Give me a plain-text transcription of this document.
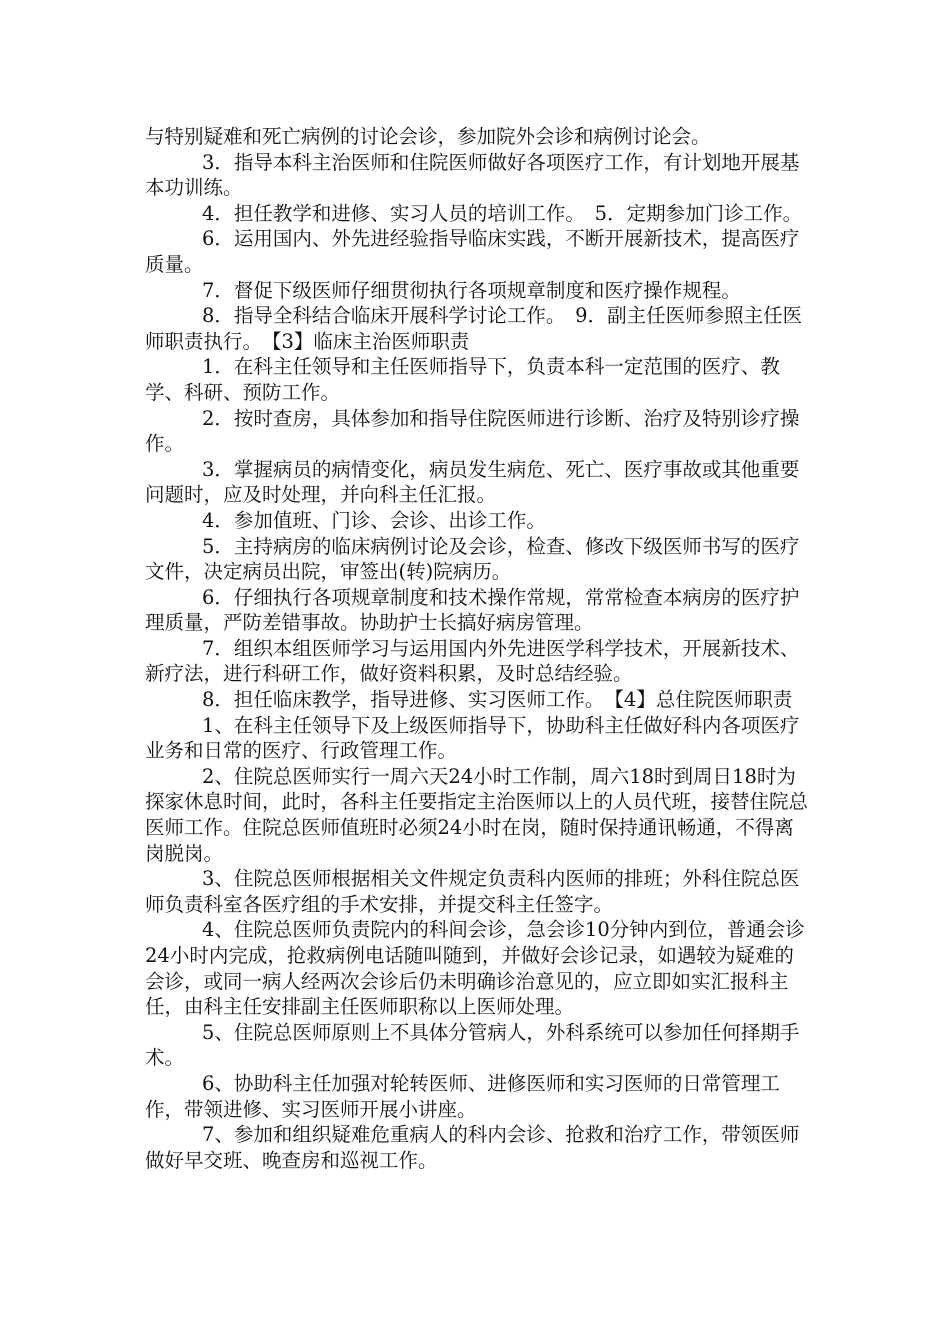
与特别疑难和死亡病例的讨论会诊，参加院外会诊和病例讨论会。

3．指导本科主治医师和住院医师做好各项医疗工作，有计划地开展基本功训练。

4．担任教学和进修、实习人员的培训工作。　5．定期参加门诊工作。

6．运用国内、外先进经验指导临床实践，不断开展新技术，提高医疗质量。

7．督促下级医师仔细贯彻执行各项规章制度和医疗操作规程。

8．指导全科结合临床开展科学讨论工作。　9．副主任医师参照主任医师职责执行。　【3】临床主治医师职责

1．在科主任领导和主任医师指导下，负责本科一定范围的医疗、教学、科研、预防工作。

2．按时查房，具体参加和指导住院医师进行诊断、治疗及特别诊疗操作。

3．掌握病员的病情变化，病员发生病危、死亡、医疗事故或其他重要问题时，应及时处理，并向科主任汇报。

4．参加值班、门诊、会诊、出诊工作。

5．主持病房的临床病例讨论及会诊，检查、修改下级医师书写的医疗文件，决定病员出院，审签出(转)院病历。

6．仔细执行各项规章制度和技术操作常规，常常检查本病房的医疗护理质量，严防差错事故。协助护士长搞好病房管理。

7．组织本组医师学习与运用国内外先进医学科学技术，开展新技术、新疗法，进行科研工作，做好资料积累，及时总结经验。

8．担任临床教学，指导进修、实习医师工作。　【4】总住院医师职责

1、在科主任领导下及上级医师指导下，协助科主任做好科内各项医疗业务和日常的医疗、行政管理工作。

2、住院总医师实行一周六天24小时工作制，周六18时到周日18时为探家休息时间，此时，各科主任要指定主治医师以上的人员代班，接替住院总医师工作。住院总医师值班时必须24小时在岗，随时保持通讯畅通，不得离岗脱岗。

3、住院总医师根据相关文件规定负责科内医师的排班；外科住院总医师负责科室各医疗组的手术安排，并提交科主任签字。

4、住院总医师负责院内的科间会诊，急会诊10分钟内到位，普通会诊24小时内完成，抢救病例电话随叫随到，并做好会诊记录，如遇较为疑难的会诊，或同一病人经两次会诊后仍未明确诊治意见的，应立即如实汇报科主任，由科主任安排副主任医师职称以上医师处理。

5、住院总医师原则上不具体分管病人，外科系统可以参加任何择期手术。

6、协助科主任加强对轮转医师、进修医师和实习医师的日常管理工作，带领进修、实习医师开展小讲座。

7、参加和组织疑难危重病人的科内会诊、抢救和治疗工作，带领医师做好早交班、晚查房和巡视工作。
